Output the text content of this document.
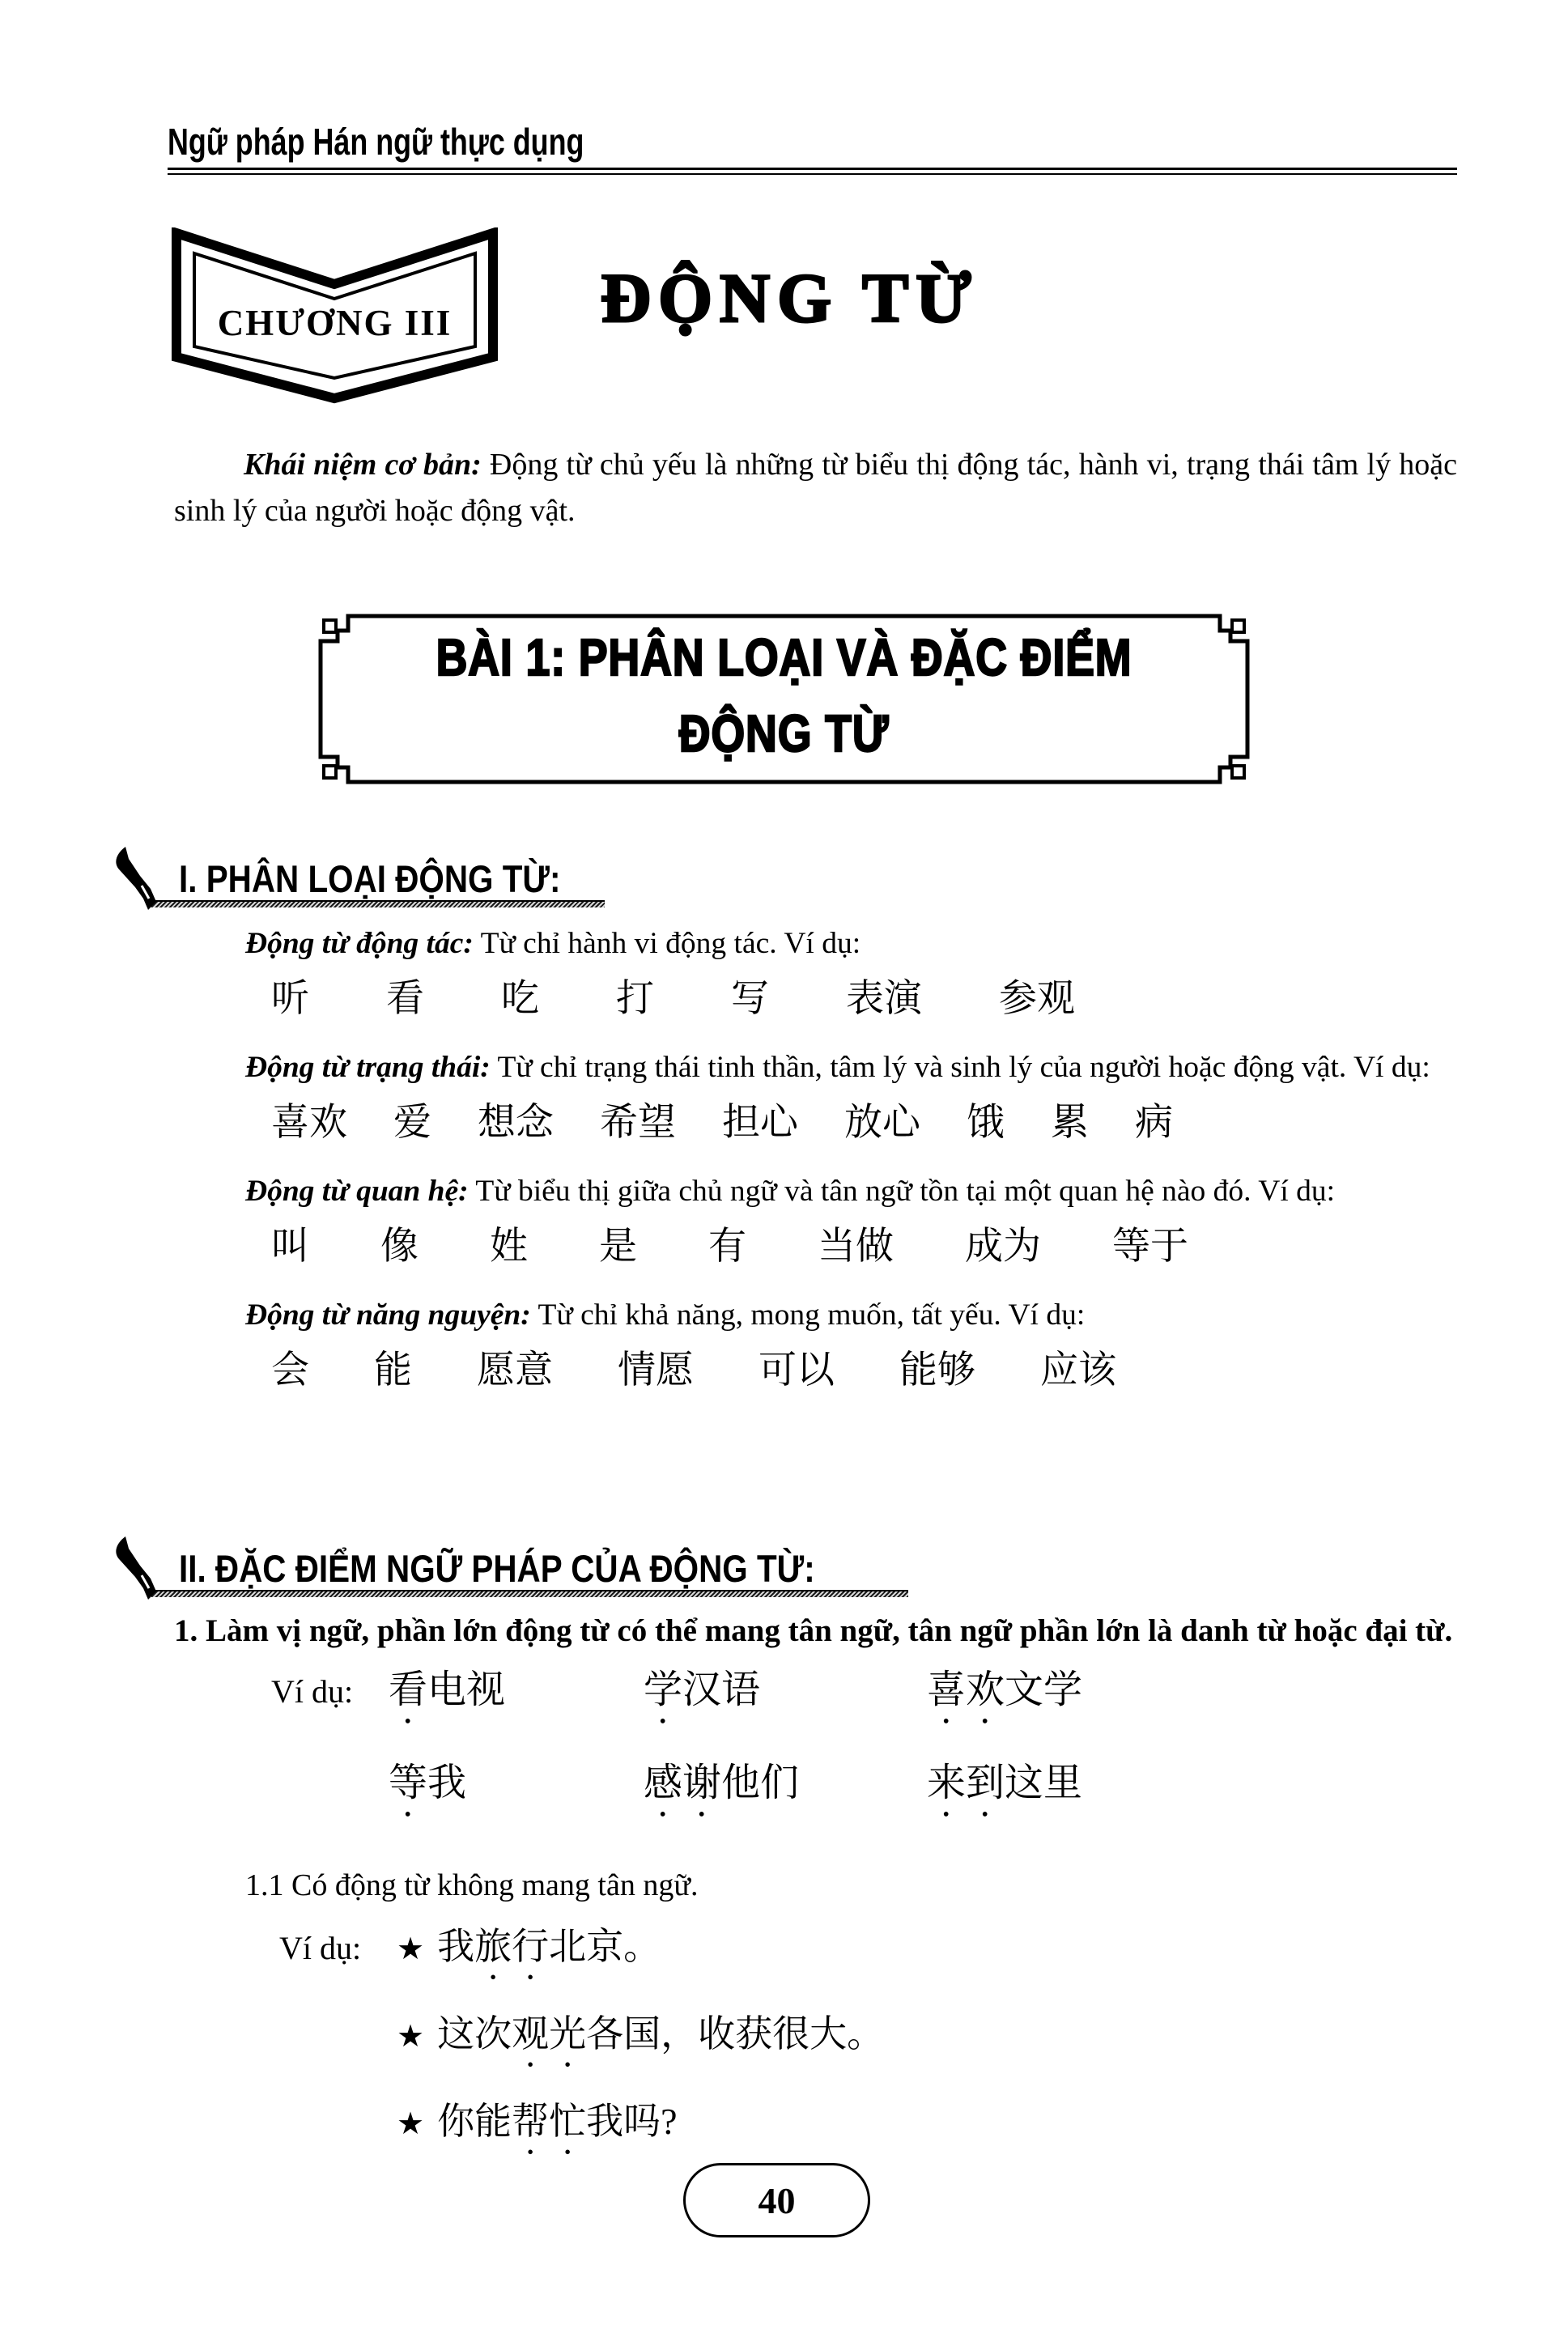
Ngữ pháp Hán ngữ thực dụng
CHƯƠNG III	ĐỘNG TỪ

Khái niệm cơ bản: Động từ chủ yếu là những từ biểu thị động tác, hành vi, trạng thái tâm lý hoặc sinh lý của người hoặc động vật.

BÀI 1: PHÂN LOẠI VÀ ĐẶC ĐIỂM
ĐỘNG TỪ
I. PHÂN LOẠI ĐỘNG TỪ:

Động từ động tác: Từ chỉ hành vi động tác. Ví dụ:

听 看 吃 打 写 表演 参观

Động từ trạng thái: Từ chỉ trạng thái tinh thần, tâm lý và sinh lý của người hoặc động vật. Ví dụ:

喜欢 爱 想念 希望 担心 放心 饿 累 病

Động từ quan hệ: Từ biểu thị giữa chủ ngữ và tân ngữ tồn tại một quan hệ nào đó. Ví dụ:

叫 像 姓 是 有 当做 成为 等于

Động từ năng nguyện: Từ chỉ khả năng, mong muốn, tất yếu. Ví dụ:

会 能 愿意 情愿 可以 能够 应该
II. ĐẶC ĐIỂM NGỮ PHÁP CỦA ĐỘNG TỪ:

1. Làm vị ngữ, phần lớn động từ có thể mang tân ngữ, tân ngữ phần lớn là danh từ hoặc đại từ.

Ví dụ: 看电视	学汉语	喜欢文学
等我	感谢他们	来到这里

1.1 Có động từ không mang tân ngữ.

Ví dụ:	★ 我旅行北京。
★ 这次观光各国，收获很大。
★ 你能帮忙我吗?
40
